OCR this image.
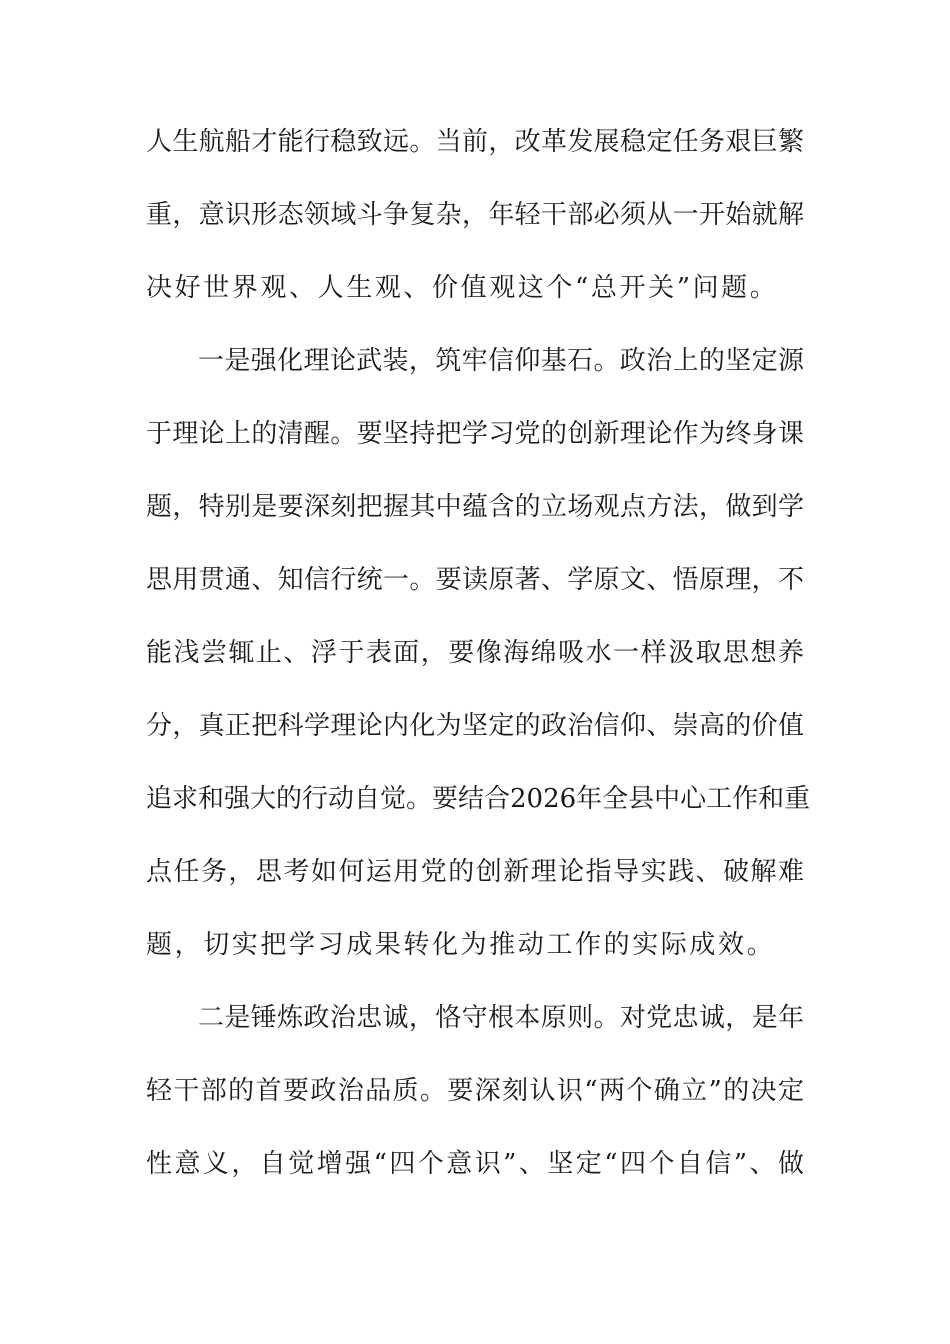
人生航船才能行稳致远。当前，改革发展稳定任务艰巨繁
重，意识形态领域斗争复杂，年轻干部必须从一开始就解
决好世界观、人生观、价值观这个“总开关”问题。
一是强化理论武装，筑牢信仰基石。政治上的坚定源
于理论上的清醒。要坚持把学习党的创新理论作为终身课
题，特别是要深刻把握其中蕴含的立场观点方法，做到学
思用贯通、知信行统一。要读原著、学原文、悟原理，不
能浅尝辄止、浮于表面，要像海绵吸水一样汲取思想养
分，真正把科学理论内化为坚定的政治信仰、崇高的价值
追求和强大的行动自觉。要结合2026年全县中心工作和重
点任务，思考如何运用党的创新理论指导实践、破解难
题，切实把学习成果转化为推动工作的实际成效。
二是锤炼政治忠诚，恪守根本原则。对党忠诚，是年
轻干部的首要政治品质。要深刻认识“两个确立”的决定
性意义，自觉增强“四个意识”、坚定“四个自信”、做
